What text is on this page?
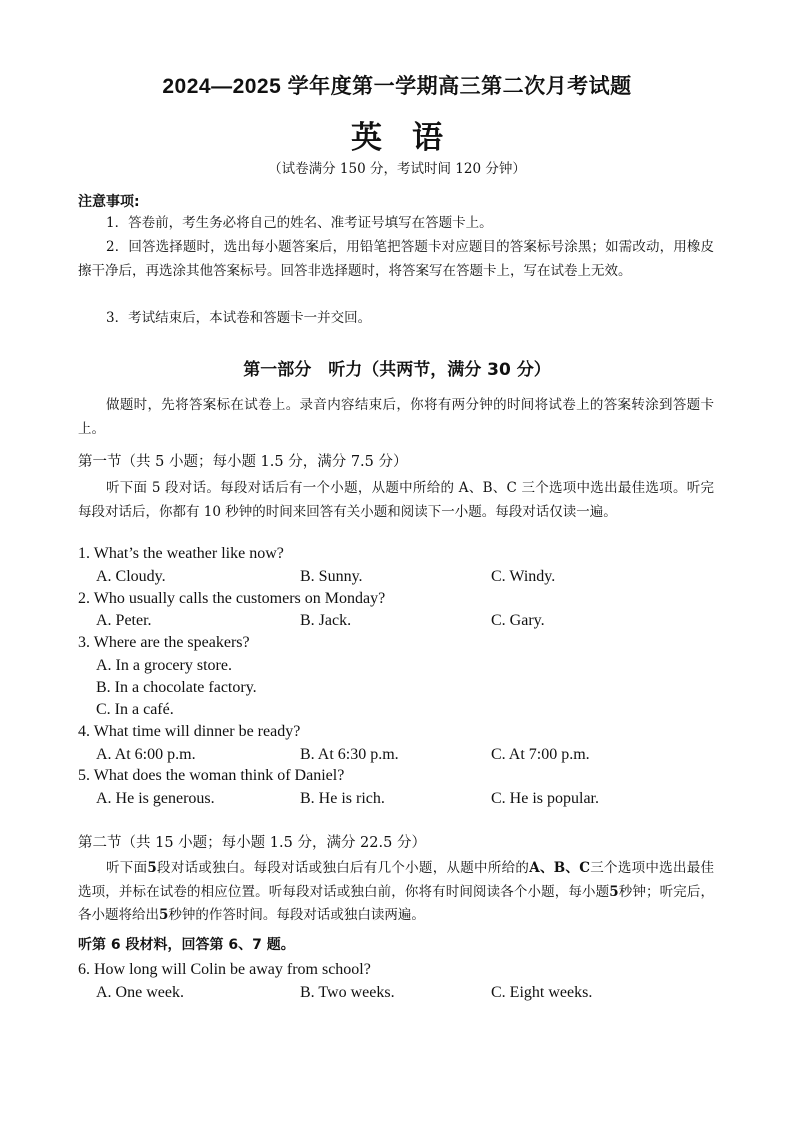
2024—2025 学年度第一学期高三第二次月考试题
英语
（试卷满分 150 分，考试时间 120 分钟）
注意事项:
1．答卷前，考生务必将自己的姓名、准考证号填写在答题卡上。
2．回答选择题时，选出每小题答案后，用铅笔把答题卡对应题目的答案标号涂黑；如需改动，用橡皮擦干净后，再选涂其他答案标号。回答非选择题时，将答案写在答题卡上，写在试卷上无效。
3．考试结束后，本试卷和答题卡一并交回。
第一部分　听力（共两节，满分 30 分）
做题时，先将答案标在试卷上。录音内容结束后，你将有两分钟的时间将试卷上的答案转涂到答题卡上。
第一节（共 5 小题；每小题 1.5 分，满分 7.5 分）
听下面 5 段对话。每段对话后有一个小题，从题中所给的 A、B、C 三个选项中选出最佳选项。听完每段对话后，你都有 10 秒钟的时间来回答有关小题和阅读下一小题。每段对话仅读一遍。
1. What’s the weather like now?
A. Cloudy.	B. Sunny.	C. Windy.
2. Who usually calls the customers on Monday?
A. Peter.	B. Jack.	C. Gary.
3. Where are the speakers?
A. In a grocery store.
B. In a chocolate factory.
C. In a café.
4. What time will dinner be ready?
A. At 6:00 p.m.	B. At 6:30 p.m.	C. At 7:00 p.m.
5. What does the woman think of Daniel?
A. He is generous.	B. He is rich.	C. He is popular.
第二节（共 15 小题；每小题 1.5 分，满分 22.5 分）
听下面5段对话或独白。每段对话或独白后有几个小题，从题中所给的A、B、C三个选项中选出最佳选项，并标在试卷的相应位置。听每段对话或独白前，你将有时间阅读各个小题，每小题5秒钟；听完后，各小题将给出5秒钟的作答时间。每段对话或独白读两遍。
听第 6 段材料，回答第 6、7 题。
6. How long will Colin be away from school?
A. One week.	B. Two weeks.	C. Eight weeks.
